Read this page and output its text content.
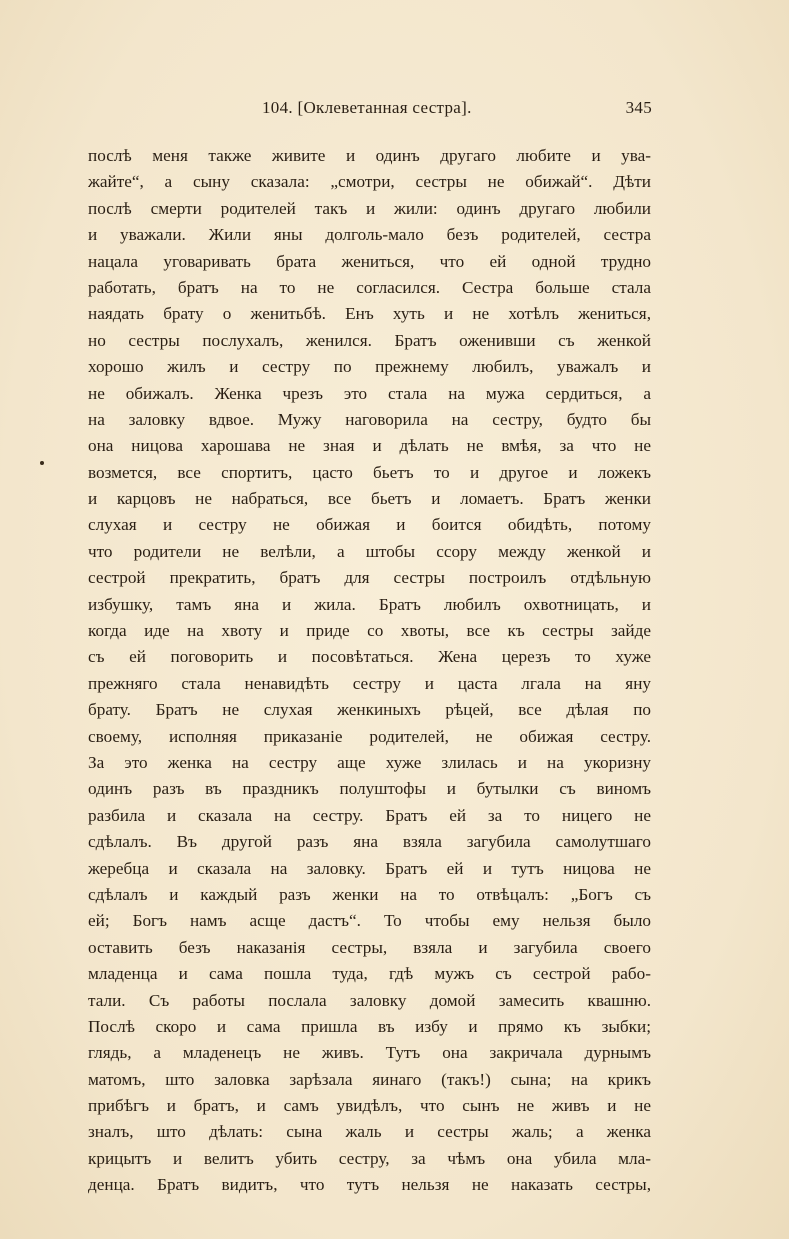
104. [Оклеветанная сестра].	345
послѣ меня также живите и одинъ другаго любите и ува-
жайте“, а сыну сказала: „смотри, сестры не обижай“. Дѣти
послѣ смерти родителей такъ и жили: одинъ другаго любили
и уважали. Жили яны долголь-мало безъ родителей, сестра
нацала уговаривать брата жениться, что ей одной трудно
работать, братъ на то не согласился. Сестра больше стала
наядать брату о женитьбѣ. Енъ хуть и не хотѣлъ жениться,
но сестры послухалъ, женился. Братъ оженивши съ женкой
хорошо жилъ и сестру по прежнему любилъ, уважалъ и
не обижалъ. Женка чрезъ это стала на мужа сердиться, а
на заловку вдвое. Мужу наговорила на сестру, будто бы
она ницова харошава не зная и дѣлать не вмѣя, за что не
возмется, все спортитъ, цасто бьетъ то и другое и ложекъ
и карцовъ не набраться, все бьетъ и ломаетъ. Братъ женки
слухая и сестру не обижая и боится обидѣть, потому
что родители не велѣли, а штобы ссору между женкой и
сестрой прекратить, братъ для сестры построилъ отдѣльную
избушку, тамъ яна и жила. Братъ любилъ охвотницать, и
когда иде на хвоту и приде со хвоты, все къ сестры зайде
съ ей поговорить и посовѣтаться. Жена церезъ то хуже
прежняго стала ненавидѣть сестру и цаста лгала на яну
брату. Братъ не слухая женкиныхъ рѣцей, все дѣлая по
своему, исполняя приказанiе родителей, не обижая сестру.
За это женка на сестру аще хуже злилась и на укоризну
одинъ разъ въ праздникъ полуштофы и бутылки съ виномъ
разбила и сказала на сестру. Братъ ей за то ницего не
сдѣлалъ. Въ другой разъ яна взяла загубила самолутшаго
жеребца и сказала на заловку. Братъ ей и тутъ ницова не
сдѣлалъ и каждый разъ женки на то отвѣцалъ: „Богъ съ
ей; Богъ намъ асще дастъ“. То чтобы ему нельзя было
оставить безъ наказанiя сестры, взяла и загубила своего
младенца и сама пошла туда, гдѣ мужъ съ сестрой рабо-
тали. Съ работы послала заловку домой замесить квашню.
Послѣ скоро и сама пришла въ избу и прямо къ зыбки;
глядь, а младенецъ не живъ. Тутъ она закричала дурнымъ
матомъ, што заловка зарѣзала яинаго (такъ!) сына; на крикъ
прибѣгъ и братъ, и самъ увидѣлъ, что сынъ не живъ и не
зналъ, што дѣлать: сына жаль и сестры жаль; а женка
крицытъ и велитъ убить сестру, за чѣмъ она убила мла-
денца. Братъ видитъ, что тутъ нельзя не наказать сестры,
